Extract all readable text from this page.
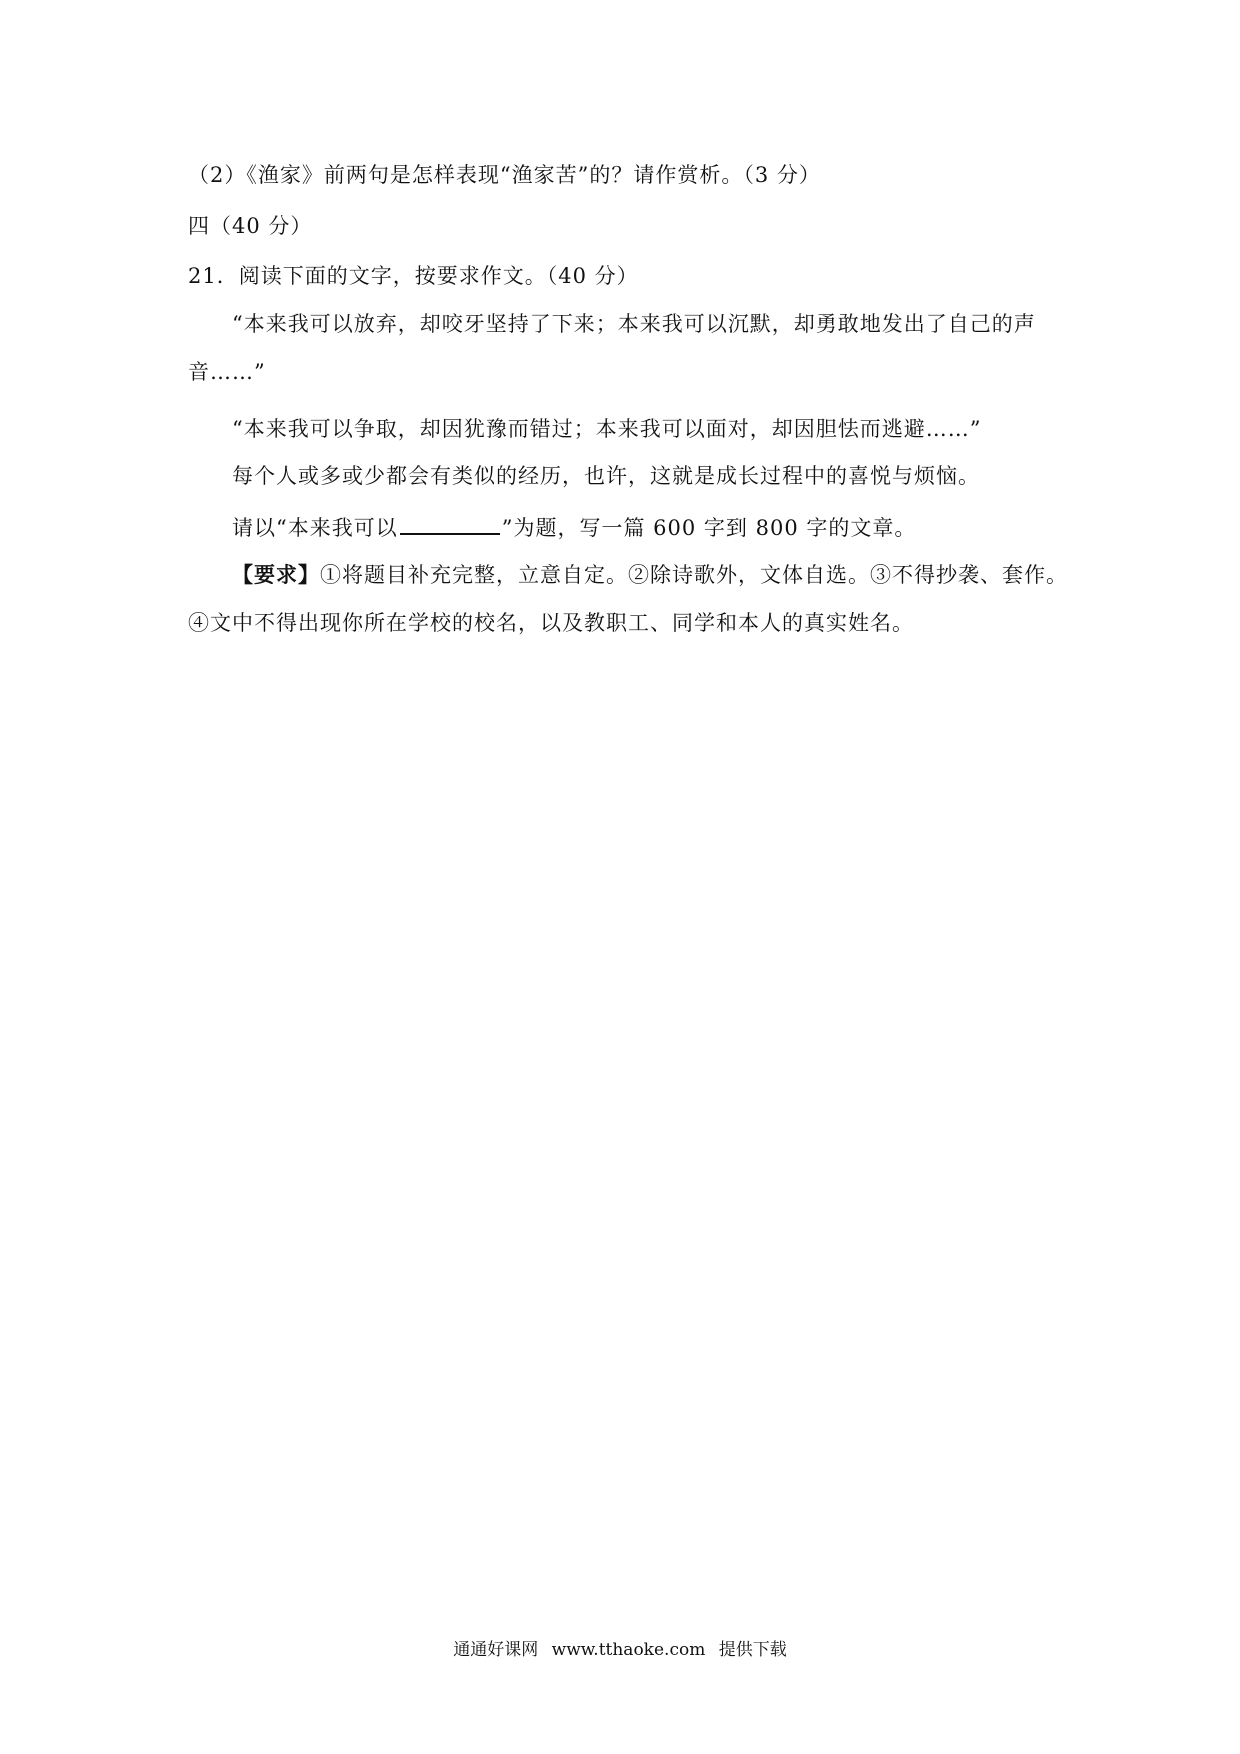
（2）《渔家》前两句是怎样表现“渔家苦”的？请作赏析。（3 分）
四（40 分）
21．阅读下面的文字，按要求作文。（40 分）
“本来我可以放弃，却咬牙坚持了下来；本来我可以沉默，却勇敢地发出了自己的声
音……”
“本来我可以争取，却因犹豫而错过；本来我可以面对，却因胆怯而逃避……”
每个人或多或少都会有类似的经历，也许，这就是成长过程中的喜悦与烦恼。
请以“本来我可以	”为题，写一篇 600 字到 800 字的文章。
【要求】①将题目补充完整，立意自定。②除诗歌外，文体自选。③不得抄袭、套作。
④文中不得出现你所在学校的校名，以及教职工、同学和本人的真实姓名。
通通好课网 www.tthaoke.com 提供下载
